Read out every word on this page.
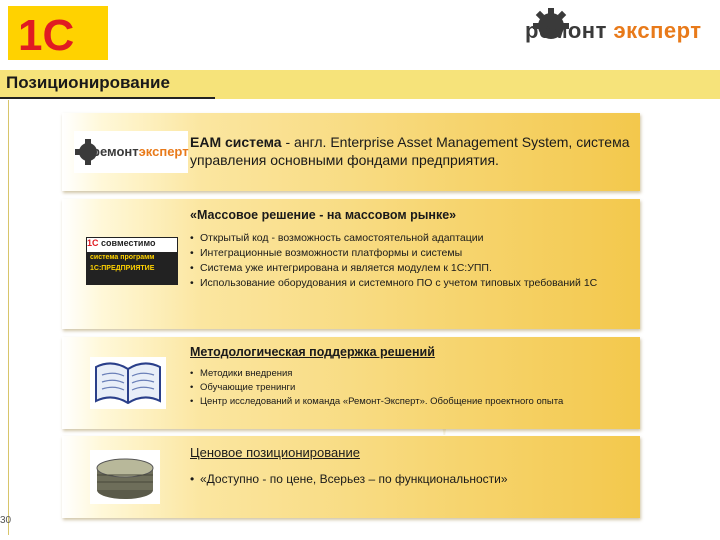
1C	ремонт эксперт
Позиционирование
ремонтэксперт
EAM система - англ. Enterprise Asset Management System, система управления основными фондами предприятия.
1С совместимо
система программ
1С:ПРЕДПРИЯТИЕ
«Массовое решение - на массовом рынке»
• Открытый код - возможность самостоятельной адаптации
• Интеграционные возможности платформы и системы
• Система уже интегрирована и является модулем к 1С:УПП.
• Использование оборудования и системного ПО с учетом типовых требований 1С
Методологическая поддержка решений
• Методики внедрения
• Обучающие тренинги
• Центр исследований и команда «Ремонт-Эксперт». Обобщение проектного опыта
Ценовое позиционирование
• «Доступно - по цене, Всерьез – по функциональности»
30
